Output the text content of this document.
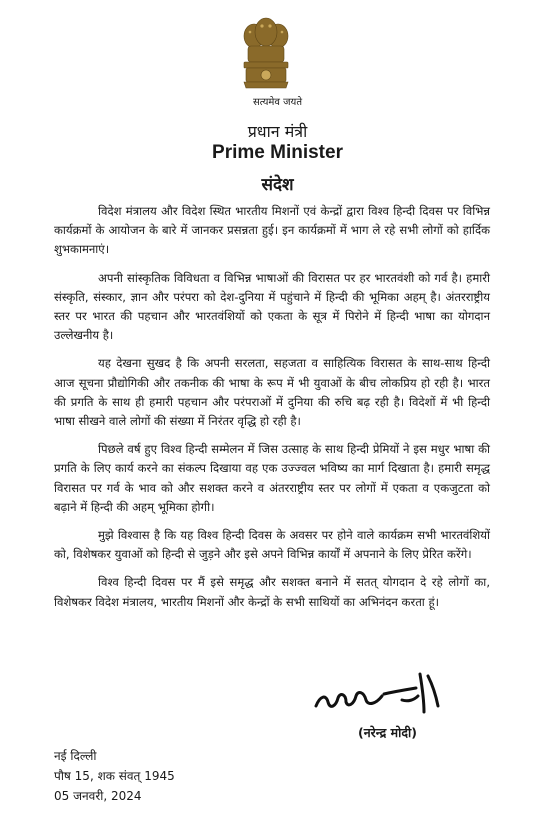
सत्यमेव जयते
प्रधान मंत्री
Prime Minister
संदेश

विदेश मंत्रालय और विदेश स्थित भारतीय मिशनों एवं केन्द्रों द्वारा विश्व हिन्दी दिवस पर विभिन्न कार्यक्रमों के आयोजन के बारे में जानकर प्रसन्नता हुई। इन कार्यक्रमों में भाग ले रहे सभी लोगों को हार्दिक शुभकामनाएं।

अपनी सांस्कृतिक विविधता व विभिन्न भाषाओं की विरासत पर हर भारतवंशी को गर्व है। हमारी संस्कृति, संस्कार, ज्ञान और परंपरा को देश-दुनिया में पहुंचाने में हिन्दी की भूमिका अहम् है। अंतरराष्ट्रीय स्तर पर भारत की पहचान और भारतवंशियों को एकता के सूत्र में पिरोने में हिन्दी भाषा का योगदान उल्लेखनीय है।

यह देखना सुखद है कि अपनी सरलता, सहजता व साहित्यिक विरासत के साथ-साथ हिन्दी आज सूचना प्रौद्योगिकी और तकनीक की भाषा के रूप में भी युवाओं के बीच लोकप्रिय हो रही है। भारत की प्रगति के साथ ही हमारी पहचान और परंपराओं में दुनिया की रुचि बढ़ रही है। विदेशों में भी हिन्दी भाषा सीखने वाले लोगों की संख्या में निरंतर वृद्धि हो रही है।

पिछले वर्ष हुए विश्व हिन्दी सम्मेलन में जिस उत्साह के साथ हिन्दी प्रेमियों ने इस मधुर भाषा की प्रगति के लिए कार्य करने का संकल्प दिखाया वह एक उज्ज्वल भविष्य का मार्ग दिखाता है। हमारी समृद्ध विरासत पर गर्व के भाव को और सशक्त करने व अंतरराष्ट्रीय स्तर पर लोगों में एकता व एकजुटता को बढ़ाने में हिन्दी की अहम् भूमिका होगी।

मुझे विश्वास है कि यह विश्व हिन्दी दिवस के अवसर पर होने वाले कार्यक्रम सभी भारतवंशियों को, विशेषकर युवाओं को हिन्दी से जुड़ने और इसे अपने विभिन्न कार्यों में अपनाने के लिए प्रेरित करेंगे।

विश्व हिन्दी दिवस पर मैं इसे समृद्ध और सशक्त बनाने में सतत् योगदान दे रहे लोगों का, विशेषकर विदेश मंत्रालय, भारतीय मिशनों और केन्द्रों के सभी साथियों का अभिनंदन करता हूं।

(नरेन्द्र मोदी)
नई दिल्ली
पौष 15, शक संवत् 1945
05 जनवरी, 2024
